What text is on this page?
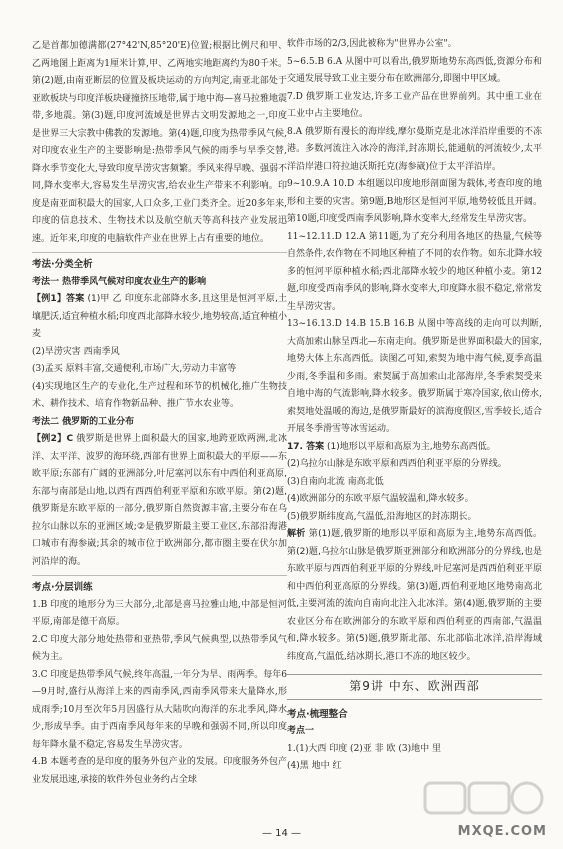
乙是首都加德满都(27°42'N,85°20'E)位置;根据比例尺和甲、乙两地图上距离为1厘米计算,甲、乙两地实地距离约为80千米。第(2)题,由南亚断层的位置及板块运动的方向判定,南亚北部处于亚欧板块与印度洋板块碰撞挤压地带,属于地中海—喜马拉雅地震带,多地震。第(3)题,印度河流域是世界古文明发源地之一,印度是世界三大宗教中佛教的发源地。第(4)题,印度为热带季风气候,对印度农业生产的主要影响是:热带季风气候的雨季与旱季交替,降水季节变化大,导致印度旱涝灾害频繁。季风来得早晚、强弱不同,降水变率大,容易发生旱涝灾害,给农业生产带来不利影响。印度是南亚面积最大的国家,人口众多,工业门类齐全。近20多年来,印度的信息技术、生物技术以及航空航天等高科技产业发展迅速。近年来,印度的电脑软件产业在世界上占有重要的地位。

考法·分类全析

考法一 热带季风气候对印度农业生产的影响

【例1】答案 (1)甲 乙 印度东北部降水多,且这里是恒河平原,土壤肥沃,适宜种植水稻;印度西北部降水较少,地势较高,适宜种植小麦

(2)旱涝灾害 西南季风

(3)孟买 原料丰富,交通便利,市场广大,劳动力丰富等

(4)实现地区生产的专业化,生产过程和环节的机械化,推广生物技术、耕作技术、培育作物新品种、推广节水农业等。

考法二 俄罗斯的工业分布

【例2】C 俄罗斯是世界上面积最大的国家,地跨亚欧两洲,北冰洋、太平洋、波罗的海环绕,西部有世界上面积最大的平原——东欧平原;东部有广阔的亚洲部分,叶尼塞河以东有中西伯利亚高原,东部与南部是山地,以西有西西伯利亚平原和东欧平原。第(2)题,俄罗斯是东欧平原的一部分,俄罗斯自然资源丰富,主要分布在乌拉尔山脉以东的亚洲区域;②是俄罗斯最主要工业区,东部沿海港口城市有海参崴;其余的城市位于欧洲部分,都市圈主要在伏尔加河沿岸的海。

考点·分层训练

1.B 印度的地形分为三大部分,北部是喜马拉雅山地,中部是恒河平原,南部是德干高原。

2.C 印度大部分地处热带和亚热带,季风气候典型,以热带季风气候为主。

3.C 印度是热带季风气候,终年高温,一年分为旱、雨两季。每年6—9月时,盛行从海洋上来的西南季风,西南季风带来大量降水,形成雨季;10月至次年5月因盛行从大陆吹向海洋的东北季风,降水少,形成旱季。由于西南季风每年来的早晚和强弱不同,所以印度每年降水量不稳定,容易发生旱涝灾害。

4.B 本题考查的是印度的服务外包产业的发展。印度服务外包产业发展迅速,承接的软件外包业务约占全球

软件市场的2/3,因此被称为"世界办公室"。

5~6.5.B 6.A 从图中可以看出,俄罗斯地势东高西低,资源分布和交通发展导致工业主要分布在欧洲部分,即图中甲区域。

7.D 俄罗斯工业发达,许多工业产品在世界前列。其中重工业在工业中占主要地位。

8.A 俄罗斯有漫长的海岸线,摩尔曼斯克是北冰洋沿岸重要的不冻港。多数河流注入冰冷的海洋,封冻期长,能通航的河流较少,太平洋沿岸港口符拉迪沃斯托克(海参崴)位于太平洋沿岸。

9~10.9.A 10.D 本组题以印度地形剖面图为载体,考查印度的地形和主要的灾害。第9题,B地形区是恒河平原,地势较低且开阔。第10题,印度受西南季风影响,降水变率大,经常发生旱涝灾害。

11~12.11.D 12.A 第11题,为了充分利用各地区的热量,气候等自然条件,农作物在不同地区种植了不同的农作物。如东北降水较多的恒河平原种植水稻;西北部降水较少的地区种植小麦。第12题,印度受西南季风的影响,降水变率大,印度降水很不稳定,常常发生旱涝灾害。

13~16.13.D 14.B 15.B 16.B 从图中等高线的走向可以判断,大高加索山脉呈西北—东南走向。俄罗斯是世界面积最大的国家,地势大体上东高西低。读图乙可知,索契为地中海气候,夏季高温少雨,冬季温和多雨。索契属于高加索山北部海岸,冬季索契受来自地中海的气流影响,降水较多。俄罗斯属于寒冷国家,依山傍水,索契地处温暖的海边,是俄罗斯最好的滨海度假区,雪季较长,适合开展冬季滑雪等冰雪运动。

17. 答案 (1)地形以平原和高原为主,地势东高西低。

(2)乌拉尔山脉是东欧平原和西西伯利亚平原的分界线。

(3)自南向北流 南高北低

(4)欧洲部分的东欧平原气温较温和,降水较多。

(5)俄罗斯纬度高,气温低,沿海地区的封冻期长。

解析 第(1)题,俄罗斯的地形以平原和高原为主,地势东高西低。第(2)题,乌拉尔山脉是俄罗斯亚洲部分和欧洲部分的分界线,也是东欧平原与西西伯利亚平原的分界线,叶尼塞河是西西伯利亚平原和中西伯利亚高原的分界线。第(3)题,西伯利亚地区地势南高北低,主要河流的流向自南向北注入北冰洋。第(4)题,俄罗斯的主要农业区分布在欧洲部分的东欧平原和西伯利亚的西南部,气温温和,降水较多。第(5)题,俄罗斯北部、东北部临北冰洋,沿岸海域纬度高,气温低,结冰期长,港口不冻的地区较少。

第9讲 中东、欧洲西部

考点·梳理整合

考点一

1.(1)大西 印度 (2)亚 非 欧 (3)地中 里

(4)黑 地中 红

— 14 —	MXQE.COM
